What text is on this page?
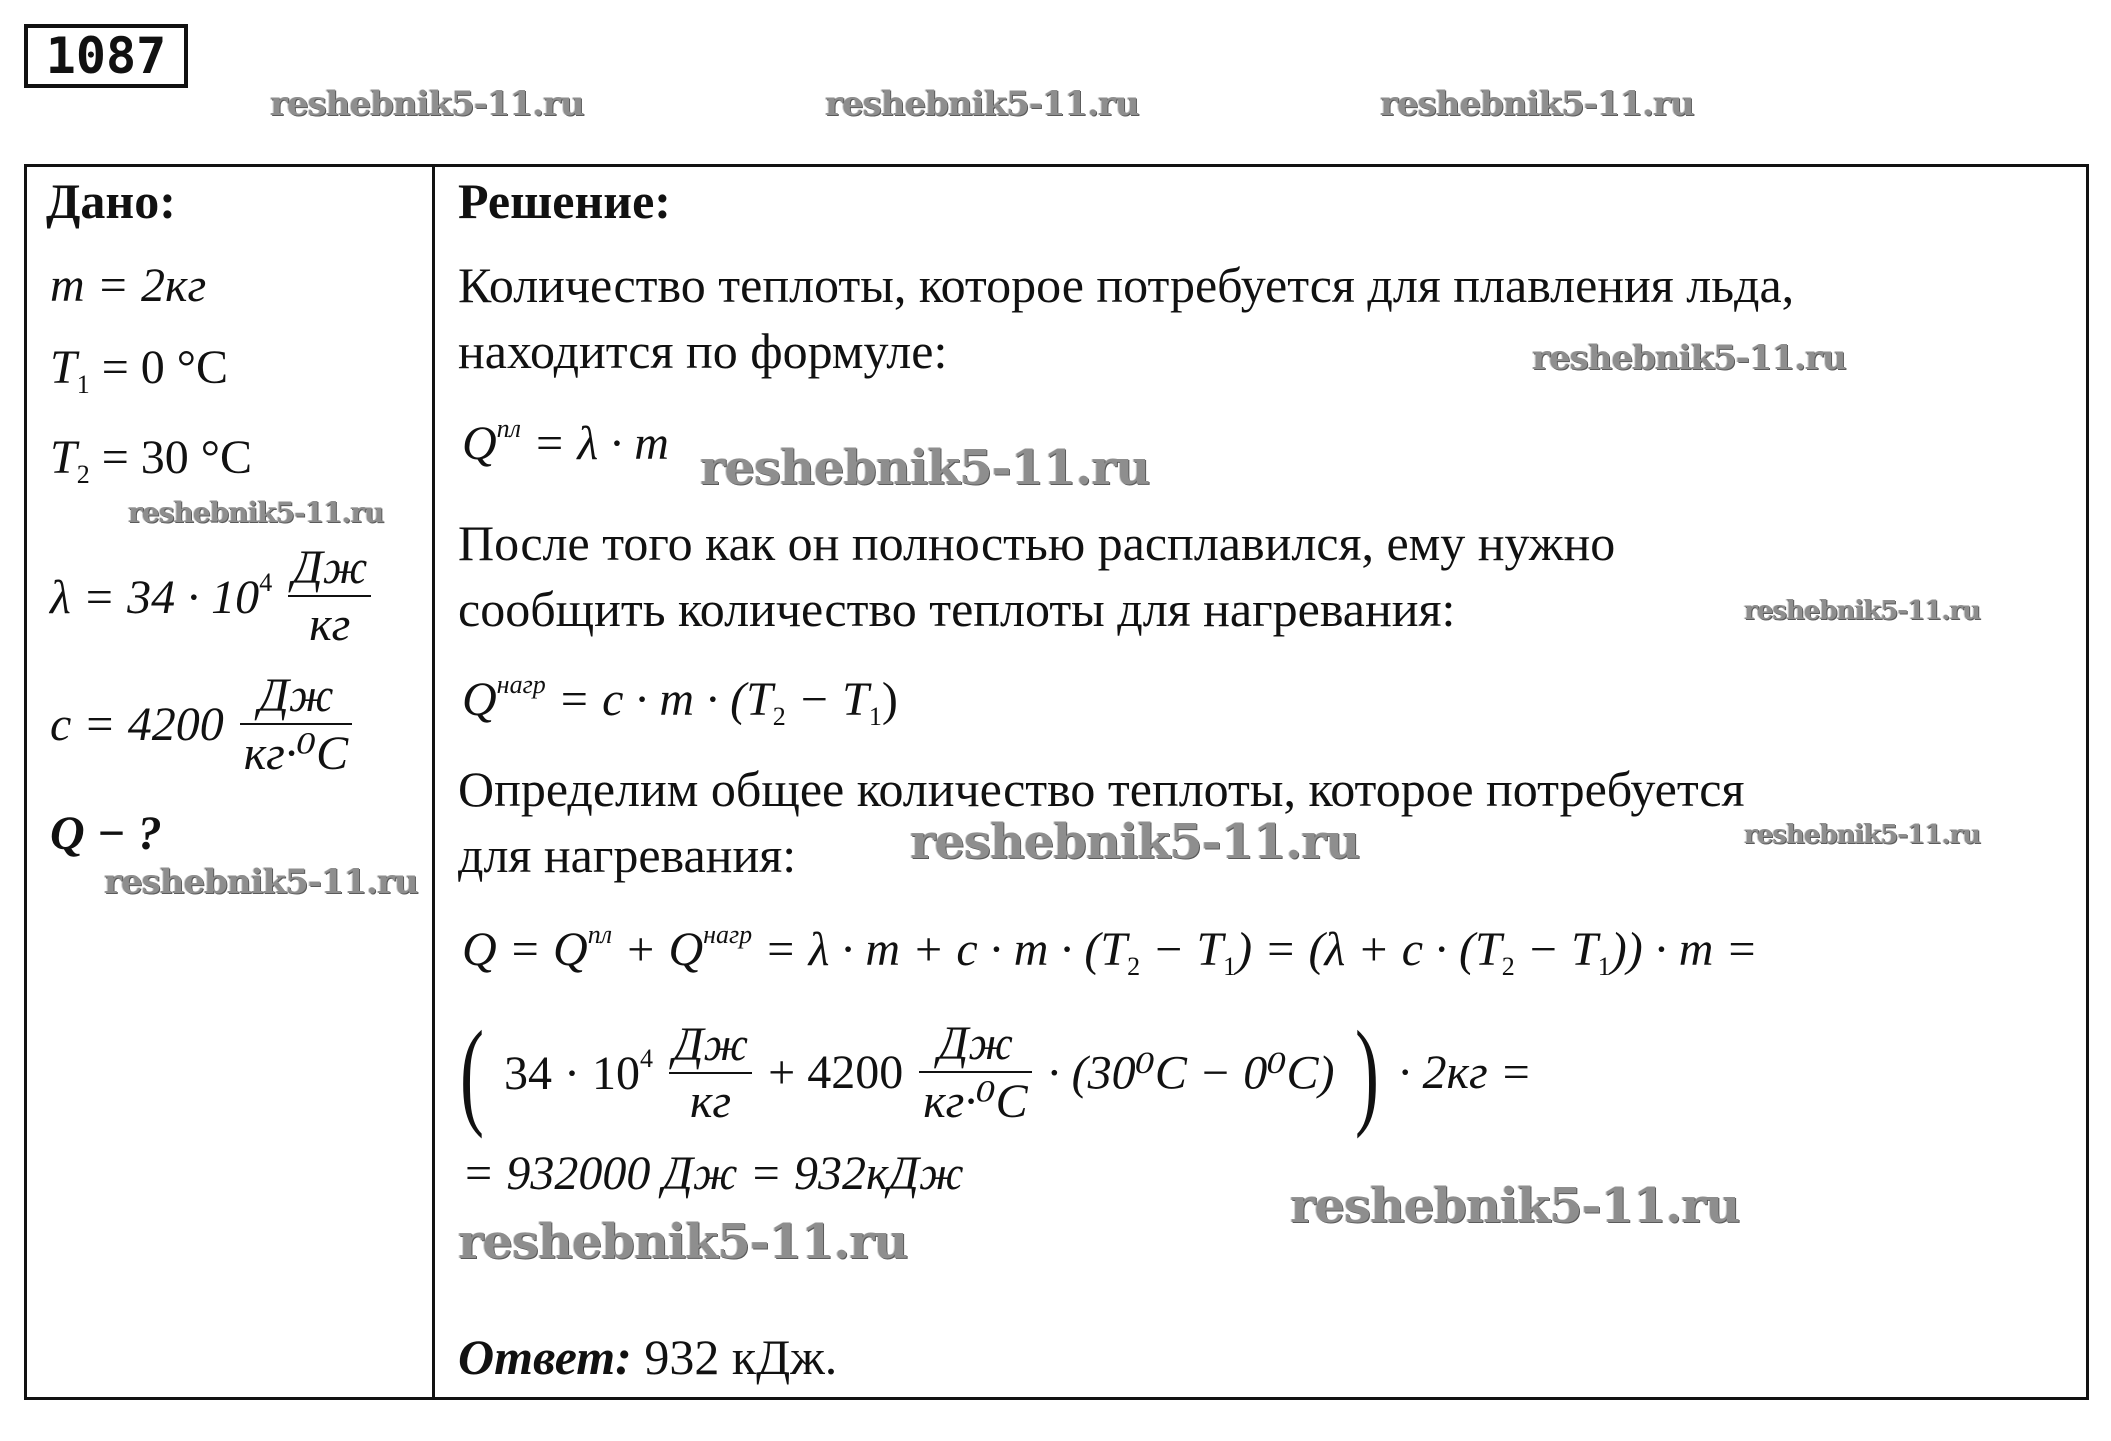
1087
reshebnik5-11.ru	reshebnik5-11.ru	reshebnik5-11.ru
Дано:
m = 2кг
$T_1 = 0$ °C
$T_2 = 30$ °C
reshebnik5-11.ru
$\lambda = 34 \cdot 10^4 \frac{Дж}{кг}$
$c = 4200 \frac{Дж}{\text{кг·⁰C}}$
Q − ?
reshebnik5-11.ru
Решение:
Количество теплоты, которое потребуется для плавления льда,
находится по формуле:	reshebnik5-11.ru
$Q^{пл} = \lambda \cdot m$ reshebnik5-11.ru
После того как он полностью расплавился, ему нужно
сообщить количество теплоты для нагревания:	reshebnik5-11.ru
$Q^{нагр} = c \cdot m \cdot (T_2 - T_1)$
Определим общее количество теплоты, которое потребуется
для нагревания: reshebnik5-11.ru	reshebnik5-11.ru
$Q = Q^{пл} + Q^{нагр} = \lambda \cdot m + c \cdot m \cdot (T_2 - T_1) = (\lambda + c \cdot (T_2 - T_1)) \cdot m$ =
( $34 \cdot 10^4 \frac{Дж}{кг} + 4200 \frac{Дж}{\text{кг·⁰C}} \cdot (30^0C - 0^0C)$ ) · 2кг =
= 932000 Дж = 932кДж
reshebnik5-11.ru
reshebnik5-11.ru
Ответ: 932 кДж.
